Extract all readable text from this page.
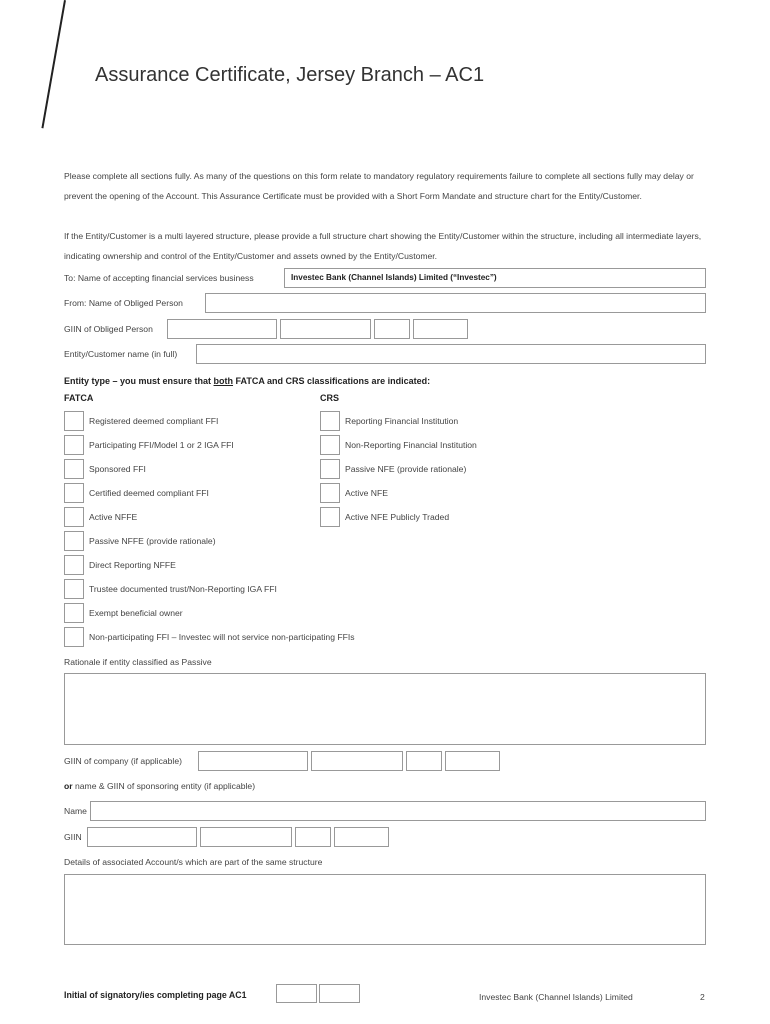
Assurance Certificate, Jersey Branch – AC1
Please complete all sections fully. As many of the questions on this form relate to mandatory regulatory requirements failure to complete all sections fully may delay or prevent the opening of the Account. This Assurance Certificate must be provided with a Short Form Mandate and structure chart for the Entity/Customer.
If the Entity/Customer is a multi layered structure, please provide a full structure chart showing the Entity/Customer within the structure, including all intermediate layers, indicating ownership and control of the Entity/Customer and assets owned by the Entity/Customer.
To: Name of accepting financial services business	Investec Bank (Channel Islands) Limited (“Investec”)
From: Name of Obliged Person
GIIN of Obliged Person
Entity/Customer name (in full)
Entity type – you must ensure that both FATCA and CRS classifications are indicated:
FATCA	CRS
Registered deemed compliant FFI
Participating FFI/Model 1 or 2 IGA FFI
Sponsored FFI
Certified deemed compliant FFI
Active NFFE
Passive NFFE (provide rationale)
Direct Reporting NFFE
Trustee documented trust/Non-Reporting IGA FFI
Exempt beneficial owner
Non-participating FFI – Investec will not service non-participating FFIs
Reporting Financial Institution
Non-Reporting Financial Institution
Passive NFE (provide rationale)
Active NFE
Active NFE Publicly Traded
Rationale if entity classified as Passive
GIIN of company (if applicable)
or name & GIIN of sponsoring entity (if applicable)
Name
GIIN
Details of associated Account/s which are part of the same structure
Initial of signatory/ies completing page AC1	Investec Bank (Channel Islands) Limited	2
